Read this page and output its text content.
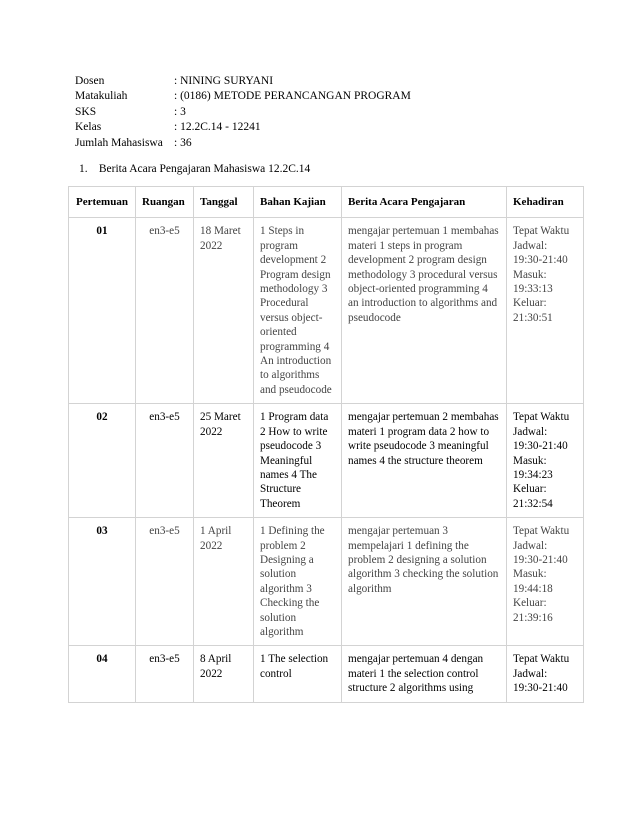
Dosen	: NINING SURYANI
Matakuliah	: (0186) METODE PERANCANGAN PROGRAM
SKS	: 3
Kelas	: 12.2C.14 - 12241
Jumlah Mahasiswa : 36
1. Berita Acara Pengajaran Mahasiswa 12.2C.14
Pertemuan	Ruangan	Tanggal	Bahan Kajian	Berita Acara Pengajaran	Kehadiran
01	en3-e5	18 Maret 2022	1 Steps in program development 2 Program design methodology 3 Procedural versus object-oriented programming 4 An introduction to algorithms and pseudocode	mengajar pertemuan 1 membahas materi 1 steps in program development 2 program design methodology 3 procedural versus object-oriented programming 4 an introduction to algorithms and pseudocode	Tepat Waktu
Jadwal: 19:30-21:40
Masuk: 19:33:13
Keluar: 21:30:51

02	en3-e5	25 Maret 2022	1 Program data 2 How to write pseudocode 3 Meaningful names 4 The Structure Theorem	mengajar pertemuan 2 membahas materi 1 program data 2 how to write pseudocode 3 meaningful names 4 the structure theorem	Tepat Waktu
Jadwal: 19:30-21:40
Masuk: 19:34:23
Keluar: 21:32:54

03	en3-e5	1 April 2022	1 Defining the problem 2 Designing a solution algorithm 3 Checking the solution algorithm	mengajar pertemuan 3 mempelajari 1 defining the problem 2 designing a solution algorithm 3 checking the solution algorithm	Tepat Waktu
Jadwal: 19:30-21:40
Masuk: 19:44:18
Keluar: 21:39:16

04	en3-e5	8 April 2022	1 The selection control	mengajar pertemuan 4 dengan materi 1 the selection control structure 2 algorithms using	Tepat Waktu
Jadwal: 19:30-21:40
